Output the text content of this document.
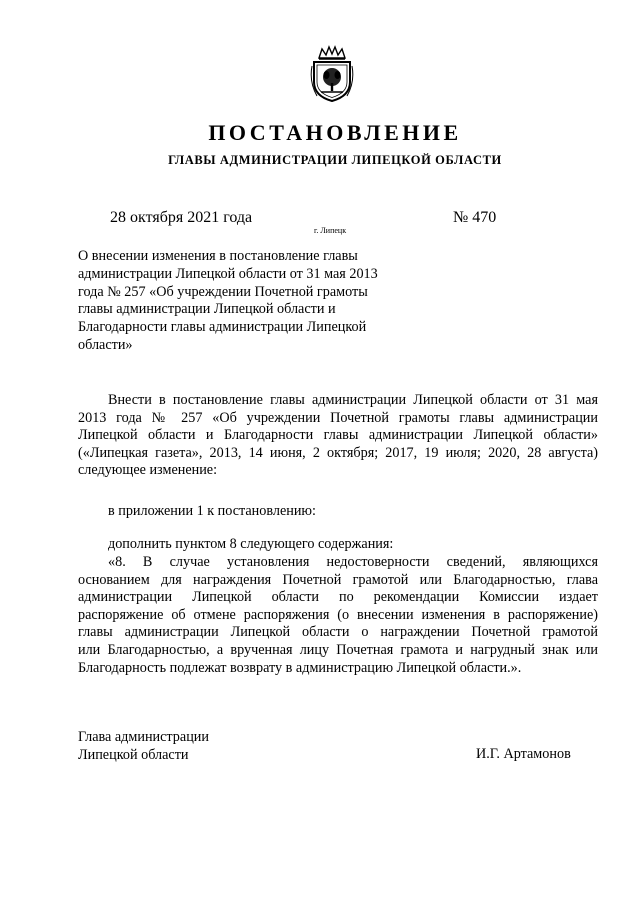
ПОСТАНОВЛЕНИЕ
ГЛАВЫ АДМИНИСТРАЦИИ ЛИПЕЦКОЙ ОБЛАСТИ
28 октября 2021 года
г. Липецк
№ 470
О внесении изменения в постановление главы
администрации Липецкой области от 31 мая 2013
года № 257 «Об учреждении Почетной грамоты
главы администрации Липецкой области и
Благодарности главы администрации Липецкой
области»
Внести в постановление главы администрации Липецкой области от 31 мая
2013 года № 257 «Об учреждении Почетной грамоты главы администрации
Липецкой области и Благодарности главы администрации Липецкой области»
(«Липецкая газета», 2013, 14 июня, 2 октября; 2017, 19 июля; 2020, 28 августа)
следующее изменение:
в приложении 1 к постановлению:
дополнить пунктом 8 следующего содержания:
«8. В случае установления недостоверности сведений, являющихся
основанием для награждения Почетной грамотой или Благодарностью, глава
администрации Липецкой области по рекомендации Комиссии издает
распоряжение об отмене распоряжения (о внесении изменения в распоряжение)
главы администрации Липецкой области о награждении Почетной грамотой
или Благодарностью, а врученная лицу Почетная грамота и нагрудный знак или
Благодарность подлежат возврату в администрацию Липецкой области.».
Глава администрации
Липецкой области	И.Г. Артамонов
